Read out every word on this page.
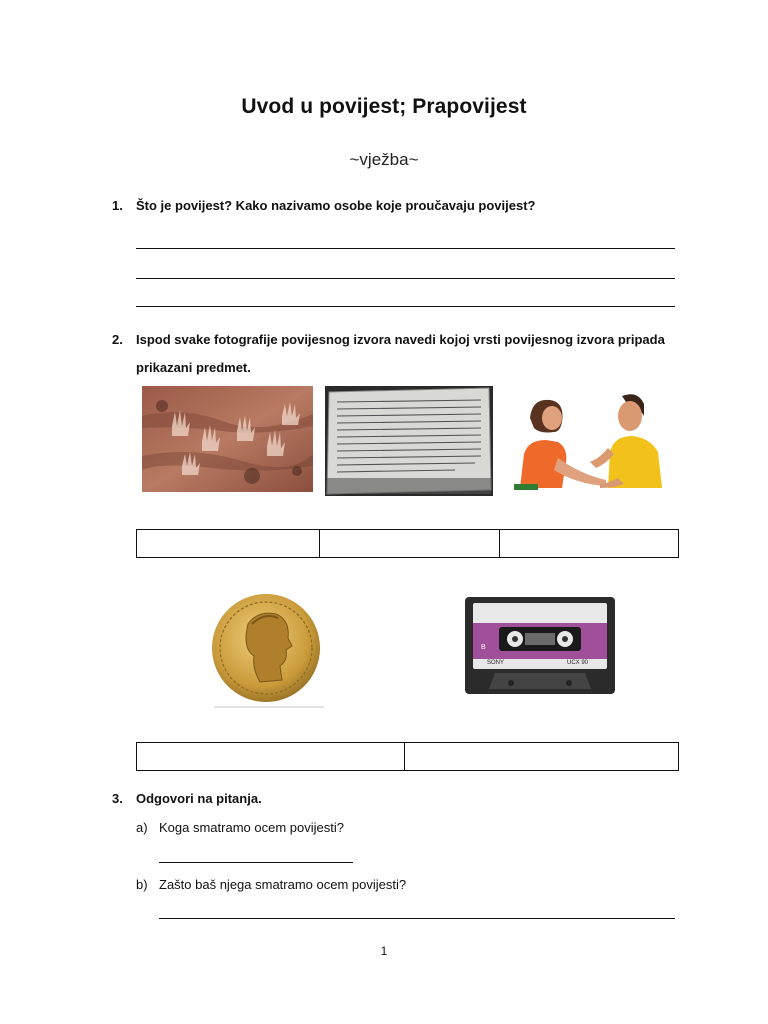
Uvod u povijest; Prapovijest
~vježba~
1. Što je povijest? Kako nazivamo osobe koje proučavaju povijest?
2. Ispod svake fotografije povijesnog izvora navedi kojoj vrsti povijesnog izvora pripada
prikazani predmet.
B
SONY	UCX 90
3. Odgovori na pitanja.
a) Koga smatramo ocem povijesti?
b) Zašto baš njega smatramo ocem povijesti?
1
